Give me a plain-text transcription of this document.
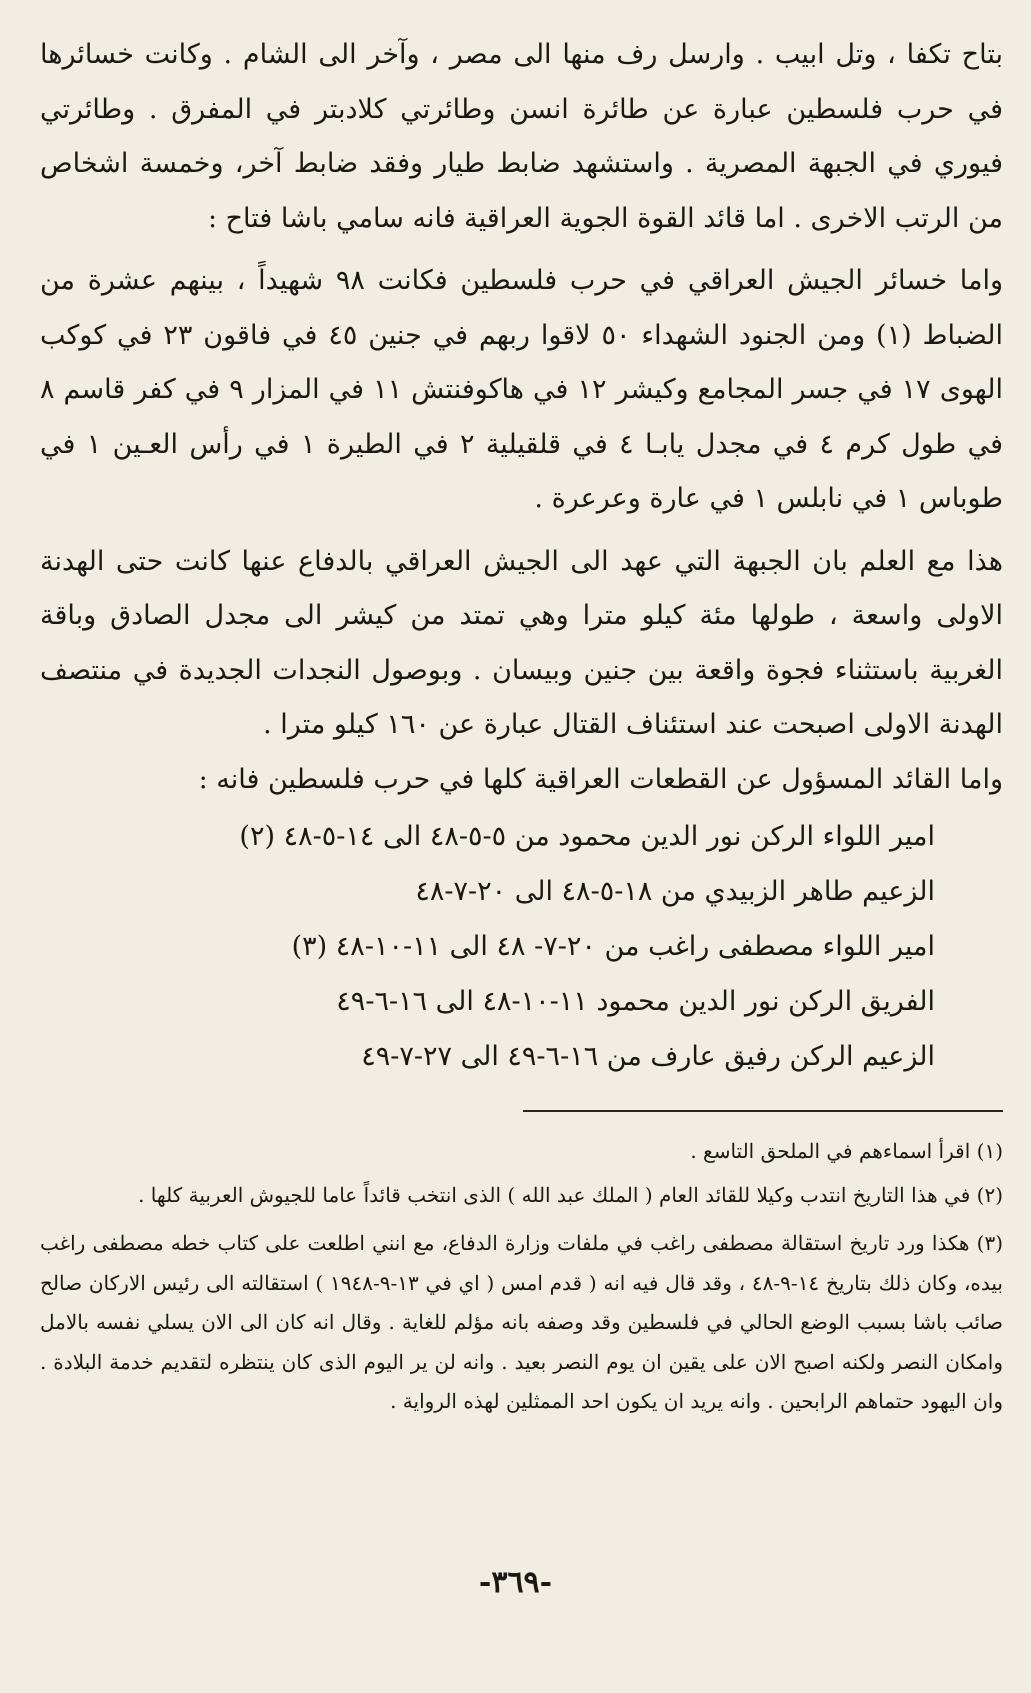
بتاح تكفا ، وتل ابيب . وارسل رف منها الى مصر ، وآخر الى الشام . وكانت خسائرها في حرب فلسطين عبارة عن طائرة انسن وطائرتي كلادبتر في المفرق . وطائرتي فيوري في الجبهة المصرية . واستشهد ضابط طيار وفقد ضابط آخر، وخمسة اشخاص من الرتب الاخرى . اما قائد القوة الجوية العراقية فانه سامي باشا فتاح :

واما خسائر الجيش العراقي في حرب فلسطين فكانت ٩٨ شهيداً ، بينهم عشرة من الضباط (١) ومن الجنود الشهداء ٥٠ لاقوا ربهم في جنين ٤٥ في فاقون ٢٣ في كوكب الهوى ١٧ في جسر المجامع وكيشر ١٢ في هاكوفنتش ١١ في المزار ٩ في كفر قاسم ٨ في طول كرم ٤ في مجدل يابـا ٤ في قلقيلية ٢ في الطيرة ١ في رأس العـين ١ في طوباس ١ في نابلس ١ في عارة وعرعرة .

هذا مع العلم بان الجبهة التي عهد الى الجيش العراقي بالدفاع عنها كانت حتى الهدنة الاولى واسعة ، طولها مئة كيلو مترا وهي تمتد من كيشر الى مجدل الصادق وباقة الغربية باستثناء فجوة واقعة بين جنين وبيسان . وبوصول النجدات الجديدة في منتصف الهدنة الاولى اصبحت عند استئناف القتال عبارة عن ١٦٠ كيلو مترا .

واما القائد المسؤول عن القطعات العراقية كلها في حرب فلسطين فانه :

امير اللواء الركن نور الدين محمود من ٥-٥-٤٨ الى ١٤-٥-٤٨ (٢)
الزعيم طاهر الزبيدي من ١٨-٥-٤٨ الى ٢٠-٧-٤٨
امير اللواء مصطفى راغب من ٢٠-٧- ٤٨ الى ١١-١٠-٤٨ (٣)
الفريق الركن نور الدين محمود ١١-١٠-٤٨ الى ١٦-٦-٤٩
الزعيم الركن رفيق عارف من ١٦-٦-٤٩ الى ٢٧-٧-٤٩
(١) اقرأ اسماءهم في الملحق التاسع .
(٢) في هذا التاريخ انتدب وكيلا للقائد العام ( الملك عبد الله ) الذى انتخب قائداً عاما للجيوش العربية كلها .
(٣) هكذا ورد تاريخ استقالة مصطفى راغب في ملفات وزارة الدفاع، مع انني اطلعت على كتاب خطه مصطفى راغب بيده، وكان ذلك بتاريخ ١٤-٩-٤٨ ، وقد قال فيه انه ( قدم امس ( اي في ١٣-٩-١٩٤٨ ) استقالته الى رئيس الاركان صالح صائب باشا بسبب الوضع الحالي في فلسطين وقد وصفه بانه مؤلم للغاية . وقال انه كان الى الان يسلي نفسه بالامل وامكان النصر ولكنه اصبح الان على يقين ان يوم النصر بعيد . وانه لن ير اليوم الذى كان ينتظره لتقديم خدمة البلادة . وان اليهود حتماهم الرابحين . وانه يريد ان يكون احد الممثلين لهذه الرواية .
-٣٦٩-
